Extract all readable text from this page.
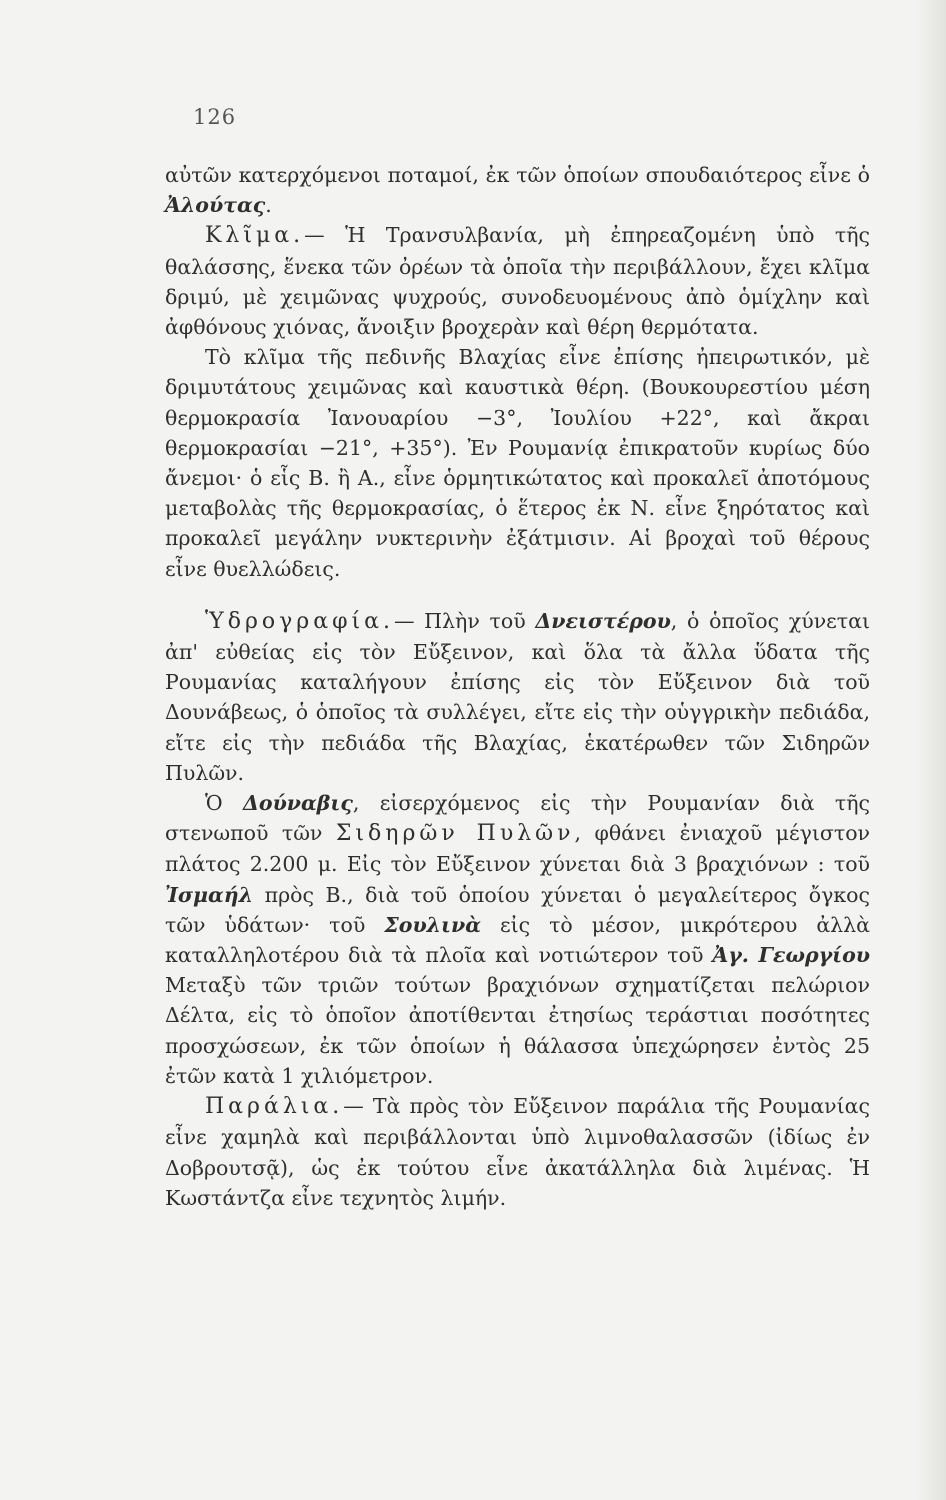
126

αὐτῶν κατερχόμενοι ποταμοί, ἐκ τῶν ὁποίων σπουδαιότερος εἶνε ὁ Ἀλούτας.

Κλῖμα.— Ἡ Τρανσυλβανία, μὴ ἐπηρεαζομένη ὑπὸ τῆς θαλάσσης, ἕνεκα τῶν ὀρέων τὰ ὁποῖα τὴν περιβάλλουν, ἔχει κλῖμα δριμύ, μὲ χειμῶνας ψυχρούς, συνοδευομένους ἀπὸ ὁμίχλην καὶ ἀφθόνους χιόνας, ἄνοιξιν βροχερὰν καὶ θέρη θερμότατα.

Τὸ κλῖμα τῆς πεδινῆς Βλαχίας εἶνε ἐπίσης ἠπειρωτικόν, μὲ δριμυτάτους χειμῶνας καὶ καυστικὰ θέρη. (Βουκουρεστίου μέση θερμοκρασία Ἰανουαρίου −3°, Ἰουλίου +22°, καὶ ἄκραι θερμοκρασίαι −21°, +35°). Ἐν Ρουμανίᾳ ἐπικρατοῦν κυρίως δύο ἄνεμοι· ὁ εἷς Β. ἢ Α., εἶνε ὁρμητικώτατος καὶ προκαλεῖ ἀποτόμους μεταβολὰς τῆς θερμοκρασίας, ὁ ἕτερος ἐκ Ν. εἶνε ξηρότατος καὶ προκαλεῖ μεγάλην νυκτερινὴν ἐξάτμισιν. Αἱ βροχαὶ τοῦ θέρους εἶνε θυελλώδεις.

Ὑδρογραφία.— Πλὴν τοῦ Δνειστέρου, ὁ ὁποῖος χύνεται ἀπ' εὐθείας εἰς τὸν Εὔξεινον, καὶ ὅλα τὰ ἄλλα ὕδατα τῆς Ρουμανίας καταλήγουν ἐπίσης εἰς τὸν Εὔξεινον διὰ τοῦ Δουνάβεως, ὁ ὁποῖος τὰ συλλέγει, εἴτε εἰς τὴν οὑγγρικὴν πεδιάδα, εἴτε εἰς τὴν πεδιάδα τῆς Βλαχίας, ἑκατέρωθεν τῶν Σιδηρῶν Πυλῶν.

Ὁ Δούναβις, εἰσερχόμενος εἰς τὴν Ρουμανίαν διὰ τῆς στενωποῦ τῶν Σιδηρῶν Πυλῶν, φθάνει ἐνιαχοῦ μέγιστον πλάτος 2.200 μ. Εἰς τὸν Εὔξεινον χύνεται διὰ 3 βραχιόνων : τοῦ Ἰσμαήλ πρὸς Β., διὰ τοῦ ὁποίου χύνεται ὁ μεγαλείτερος ὄγκος τῶν ὑδάτων· τοῦ Σουλινὰ εἰς τὸ μέσον, μικρότερου ἀλλὰ καταλληλοτέρου διὰ τὰ πλοῖα καὶ νοτιώτερον τοῦ Ἀγ. Γεωργίου Μεταξὺ τῶν τριῶν τούτων βραχιόνων σχηματίζεται πελώριον Δέλτα, εἰς τὸ ὁποῖον ἀποτίθενται ἐτησίως τεράστιαι ποσότητες προσχώσεων, ἐκ τῶν ὁποίων ἡ θάλασσα ὑπεχώρησεν ἐντὸς 25 ἐτῶν κατὰ 1 χιλιόμετρον.

Παράλια.— Τὰ πρὸς τὸν Εὔξεινον παράλια τῆς Ρουμανίας εἶνε χαμηλὰ καὶ περιβάλλονται ὑπὸ λιμνοθαλασσῶν (ἰδίως ἐν Δοβρουτσᾷ), ὡς ἐκ τούτου εἶνε ἀκατάλληλα διὰ λιμένας. Ἡ Κωστάντζα εἶνε τεχνητὸς λιμήν.
